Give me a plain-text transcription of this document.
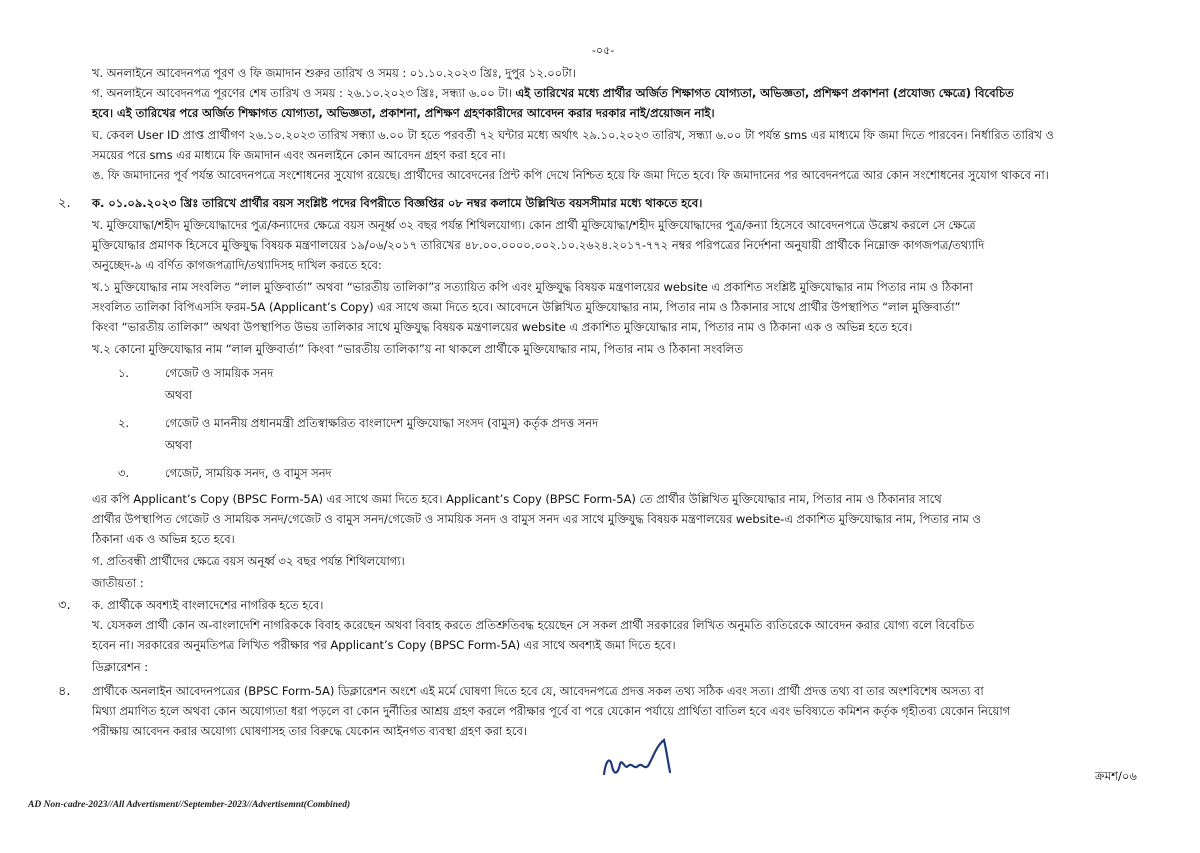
-০৫-
খ. অনলাইনে আবেদনপত্র পূরণ ও ফি জমাদান শুরুর তারিখ ও সময় : ০১.১০.২০২৩ খ্রিঃ, দুপুর ১২.০০টা।
গ. অনলাইনে আবেদনপত্র পূরণের শেষ তারিখ ও সময় : ২৬.১০.২০২৩ খ্রিঃ, সন্ধ্যা ৬.০০ টা। এই তারিখের মধ্যে প্রার্থীর অর্জিত শিক্ষাগত যোগ্যতা, অভিজ্ঞতা, প্রশিক্ষণ প্রকাশনা (প্রযোজ্য ক্ষেত্রে) বিবেচিত
হবে। এই তারিখের পরে অর্জিত শিক্ষাগত যোগ্যতা, অভিজ্ঞতা, প্রকাশনা, প্রশিক্ষণ গ্রহণকারীদের আবেদন করার দরকার নাই/প্রয়োজন নাই।
ঘ. কেবল User ID প্রাপ্ত প্রার্থীগণ ২৬.১০.২০২৩ তারিখ সন্ধ্যা ৬.০০ টা হতে পরবর্তী ৭২ ঘন্টার মধ্যে অর্থাৎ ২৯.১০.২০২৩ তারিখ, সন্ধ্যা ৬.০০ টা পর্যন্ত sms এর মাধ্যমে ফি জমা দিতে পারবেন। নির্ধারিত তারিখ ও
সময়ের পরে sms এর মাধ্যমে ফি জমাদান এবং অনলাইনে কোন আবেদন গ্রহণ করা হবে না।
ঙ. ফি জমাদানের পূর্ব পর্যন্ত আবেদনপত্রে সংশোধনের সুযোগ রয়েছে। প্রার্থীদের আবেদনের প্রিন্ট কপি দেখে নিশ্চিত হয়ে ফি জমা দিতে হবে। ফি জমাদানের পর আবেদনপত্রে আর কোন সংশোধনের সুযোগ থাকবে না।
২. ক. ০১.০৯.২০২৩ খ্রিঃ তারিখে প্রার্থীর বয়স সংশ্লিষ্ট পদের বিপরীতে বিজ্ঞপ্তির ০৮ নম্বর কলামে উল্লিখিত বয়সসীমার মধ্যে থাকতে হবে।
খ. মুক্তিযোদ্ধা/শহীদ মুক্তিযোদ্ধাদের পুত্র/কন্যাদের ক্ষেত্রে বয়স অনূর্ধ্ব ৩২ বছর পর্যন্ত শিথিলযোগ্য। কোন প্রার্থী মুক্তিযোদ্ধা/শহীদ মুক্তিযোদ্ধাদের পুত্র/কন্যা হিসেবে আবেদনপত্রে উল্লেখ করলে সে ক্ষেত্রে
মুক্তিযোদ্ধার প্রমাণক হিসেবে মুক্তিযুদ্ধ বিষয়ক মন্ত্রণালয়ের ১৯/০৬/২০১৭ তারিখের ৪৮.০০.০০০০.০০২.১০.২৬২৪.২০১৭-৭৭২ নম্বর পরিপত্রের নির্দেশনা অনুযায়ী প্রার্থীকে নিম্নোক্ত কাগজপত্র/তথ্যাদি
অনুচ্ছেদ-৯ এ বর্ণিত কাগজপত্রাদি/তথ্যাদিসহ দাখিল করতে হবে:
খ.১ মুক্তিযোদ্ধার নাম সংবলিত “লাল মুক্তিবার্তা” অথবা “ভারতীয় তালিকা”র সত্যায়িত কপি এবং মুক্তিযুদ্ধ বিষয়ক মন্ত্রণালয়ের website এ প্রকাশিত সংশ্লিষ্ট মুক্তিযোদ্ধার নাম পিতার নাম ও ঠিকানা
সংবলিত তালিকা বিপিএসসি ফরম-5A (Applicant’s Copy) এর সাথে জমা দিতে হবে। আবেদনে উল্লিখিত মুক্তিযোদ্ধার নাম, পিতার নাম ও ঠিকানার সাথে প্রার্থীর উপস্থাপিত “লাল মুক্তিবার্তা”
কিংবা “ভারতীয় তালিকা” অথবা উপস্থাপিত উভয় তালিকার সাথে মুক্তিযুদ্ধ বিষয়ক মন্ত্রণালয়ের website এ প্রকাশিত মুক্তিযোদ্ধার নাম, পিতার নাম ও ঠিকানা এক ও অভিন্ন হতে হবে।
খ.২ কোনো মুক্তিযোদ্ধার নাম “লাল মুক্তিবার্তা” কিংবা “ভারতীয় তালিকা”য় না থাকলে প্রার্থীকে মুক্তিযোদ্ধার নাম, পিতার নাম ও ঠিকানা সংবলিত
১.	গেজেট ও সাময়িক সনদ
অথবা
২.	গেজেট ও মাননীয় প্রধানমন্ত্রী প্রতিস্বাক্ষরিত বাংলাদেশ মুক্তিযোদ্ধা সংসদ (বামুস) কর্তৃক প্রদত্ত সনদ
অথবা
৩.	গেজেট, সাময়িক সনদ, ও বামুস সনদ
এর কপি Applicant’s Copy (BPSC Form-5A) এর সাথে জমা দিতে হবে। Applicant’s Copy (BPSC Form-5A) তে প্রার্থীর উল্লিখিত মুক্তিযোদ্ধার নাম, পিতার নাম ও ঠিকানার সাথে
প্রার্থীর উপস্থাপিত গেজেট ও সাময়িক সনদ/গেজেট ও বামুস সনদ/গেজেট ও সাময়িক সনদ ও বামুস সনদ এর সাথে মুক্তিযুদ্ধ বিষয়ক মন্ত্রণালয়ের website-এ প্রকাশিত মুক্তিযোদ্ধার নাম, পিতার নাম ও
ঠিকানা এক ও অভিন্ন হতে হবে।
গ. প্রতিবন্ধী প্রার্থীদের ক্ষেত্রে বয়স অনূর্ধ্ব ৩২ বছর পর্যন্ত শিথিলযোগ্য।
জাতীয়তা :
৩. ক. প্রার্থীকে অবশ্যই বাংলাদেশের নাগরিক হতে হবে।
খ. যেসকল প্রার্থী কোন অ-বাংলাদেশি নাগরিককে বিবাহ করেছেন অথবা বিবাহ করতে প্রতিশ্রুতিবদ্ধ হয়েছেন সে সকল প্রার্থী সরকারের লিখিত অনুমতি ব্যতিরেকে আবেদন করার যোগ্য বলে বিবেচিত
হবেন না। সরকারের অনুমতিপত্র লিখিত পরীক্ষার পর Applicant’s Copy (BPSC Form-5A) এর সাথে অবশ্যই জমা দিতে হবে।
ডিক্লারেশন :
৪. প্রার্থীকে অনলাইন আবেদনপত্রের (BPSC Form-5A) ডিক্লারেশন অংশে এই মর্মে ঘোষণা দিতে হবে যে, আবেদনপত্রে প্রদত্ত সকল তথ্য সঠিক এবং সত্য। প্রার্থী প্রদত্ত তথ্য বা তার অংশবিশেষ অসত্য বা
মিথ্যা প্রমাণিত হলে অথবা কোন অযোগ্যতা ধরা পড়লে বা কোন দুর্নীতির আশ্রয় গ্রহণ করলে পরীক্ষার পূর্বে বা পরে যেকোন পর্যায়ে প্রার্থিতা বাতিল হবে এবং ভবিষ্যতে কমিশন কর্তৃক গৃহীতব্য যেকোন নিয়োগ
পরীক্ষায় আবেদন করার অযোগ্য ঘোষণাসহ তার বিরুদ্ধে যেকোন আইনগত ব্যবস্থা গ্রহণ করা হবে।
ক্রমশ/০৬
AD Non-cadre-2023//All Advertisment//September-2023//Advertisemnt(Combined)
